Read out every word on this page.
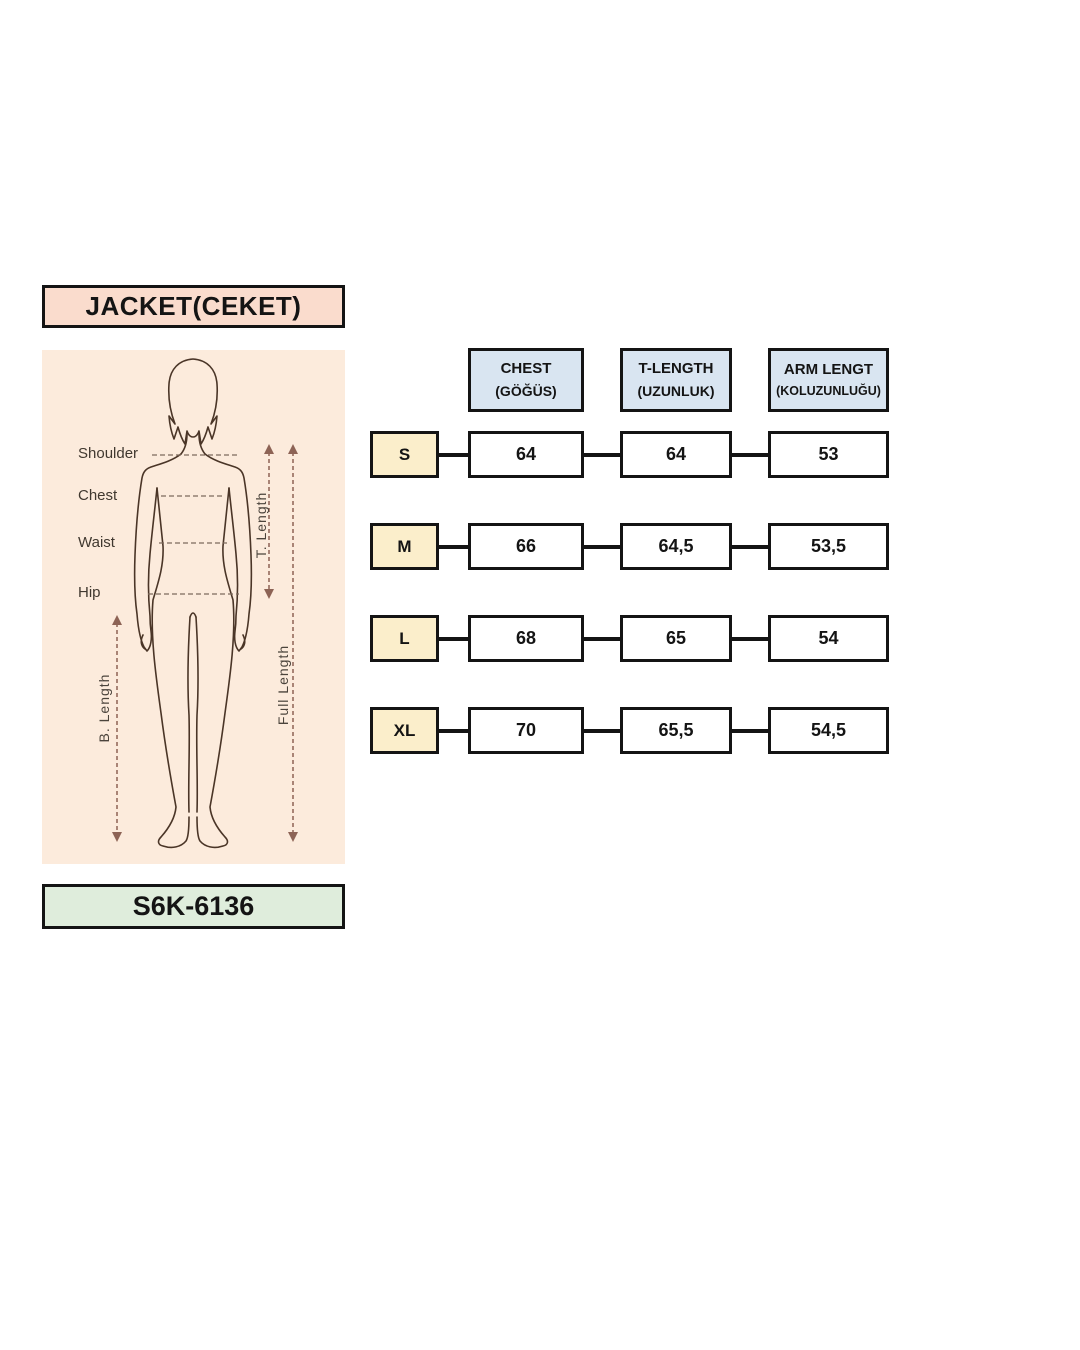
JACKET(CEKET)
Shoulder
Chest
Waist
Hip
T. Length
B. Length	Full Length
S6K-6136
CHEST
(GÖĞÜS)
T-LENGTH
(UZUNLUK)
ARM LENGT
(KOLUZUNLUĞU)
S	64	64	53
M	66	64,5	53,5
L	68	65	54
XL	70	65,5	54,5
